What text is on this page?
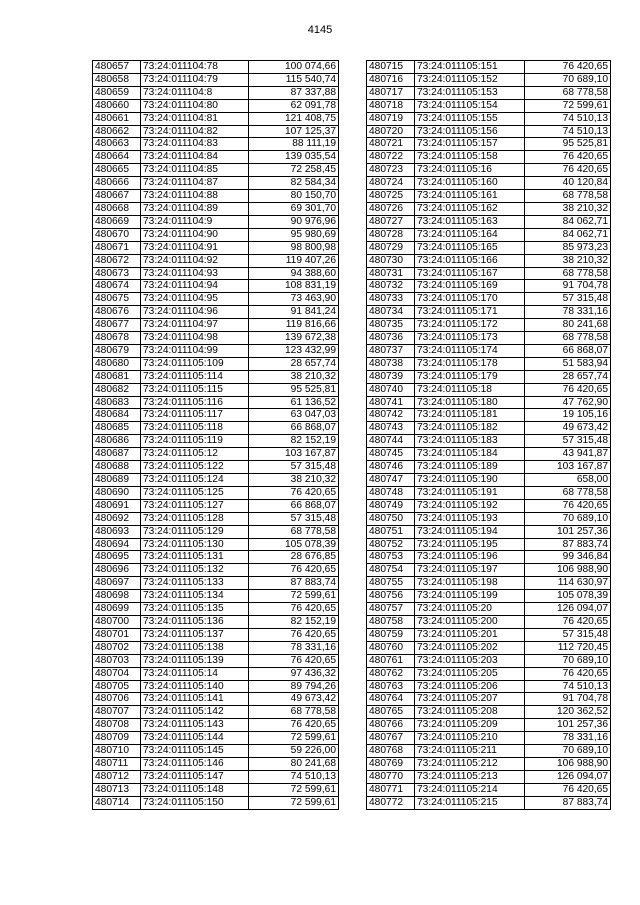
4145
480657	73:24:011104:78	100 074,66
480658	73:24:011104:79	115 540,74
480659	73:24:011104:8	87 337,88
480660	73:24:011104:80	62 091,78
480661	73:24:011104:81	121 408,75
480662	73:24:011104:82	107 125,37
480663	73:24:011104:83	88 111,19
480664	73:24:011104:84	139 035,54
480665	73:24:011104:85	72 258,45
480666	73:24:011104:87	82 584,34
480667	73:24:011104:88	80 150,70
480668	73:24:011104:89	69 301,70
480669	73:24:011104:9	90 976,96
480670	73:24:011104:90	95 980,69
480671	73:24:011104:91	98 800,98
480672	73:24:011104:92	119 407,26
480673	73:24:011104:93	94 388,60
480674	73:24:011104:94	108 831,19
480675	73:24:011104:95	73 463,90
480676	73:24:011104:96	91 841,24
480677	73:24:011104:97	119 816,66
480678	73:24:011104:98	139 672,38
480679	73:24:011104:99	123 432,99
480680	73:24:011105:109	28 657,74
480681	73:24:011105:114	38 210,32
480682	73:24:011105:115	95 525,81
480683	73:24:011105:116	61 136,52
480684	73:24:011105:117	63 047,03
480685	73:24:011105:118	66 868,07
480686	73:24:011105:119	82 152,19
480687	73:24:011105:12	103 167,87
480688	73:24:011105:122	57 315,48
480689	73:24:011105:124	38 210,32
480690	73:24:011105:125	76 420,65
480691	73:24:011105:127	66 868,07
480692	73:24:011105:128	57 315,48
480693	73:24:011105:129	68 778,58
480694	73:24:011105:130	105 078,39
480695	73:24:011105:131	28 676,85
480696	73:24:011105:132	76 420,65
480697	73:24:011105:133	87 883,74
480698	73:24:011105:134	72 599,61
480699	73:24:011105:135	76 420,65
480700	73:24:011105:136	82 152,19
480701	73:24:011105:137	76 420,65
480702	73:24:011105:138	78 331,16
480703	73:24:011105:139	76 420,65
480704	73:24:011105:14	97 436,32
480705	73:24:011105:140	89 794,26
480706	73:24:011105:141	49 673,42
480707	73:24:011105:142	68 778,58
480708	73:24:011105:143	76 420,65
480709	73:24:011105:144	72 599,61
480710	73:24:011105:145	59 226,00
480711	73:24:011105:146	80 241,68
480712	73:24:011105:147	74 510,13
480713	73:24:011105:148	72 599,61
480714	73:24:011105:150	72 599,61
480715	73:24:011105:151	76 420,65
480716	73:24:011105:152	70 689,10
480717	73:24:011105:153	68 778,58
480718	73:24:011105:154	72 599,61
480719	73:24:011105:155	74 510,13
480720	73:24:011105:156	74 510,13
480721	73:24:011105:157	95 525,81
480722	73:24:011105:158	76 420,65
480723	73:24:011105:16	76 420,65
480724	73:24:011105:160	40 120,84
480725	73:24:011105:161	68 778,58
480726	73:24:011105:162	38 210,32
480727	73:24:011105:163	84 062,71
480728	73:24:011105:164	84 062,71
480729	73:24:011105:165	85 973,23
480730	73:24:011105:166	38 210,32
480731	73:24:011105:167	68 778,58
480732	73:24:011105:169	91 704,78
480733	73:24:011105:170	57 315,48
480734	73:24:011105:171	78 331,16
480735	73:24:011105:172	80 241,68
480736	73:24:011105:173	68 778,58
480737	73:24:011105:174	66 868,07
480738	73:24:011105:178	51 583,94
480739	73:24:011105:179	28 657,74
480740	73:24:011105:18	76 420,65
480741	73:24:011105:180	47 762,90
480742	73:24:011105:181	19 105,16
480743	73:24:011105:182	49 673,42
480744	73:24:011105:183	57 315,48
480745	73:24:011105:184	43 941,87
480746	73:24:011105:189	103 167,87
480747	73:24:011105:190	658,00
480748	73:24:011105:191	68 778,58
480749	73:24:011105:192	76 420,65
480750	73:24:011105:193	70 689,10
480751	73:24:011105:194	101 257,36
480752	73:24:011105:195	87 883,74
480753	73:24:011105:196	99 346,84
480754	73:24:011105:197	106 988,90
480755	73:24:011105:198	114 630,97
480756	73:24:011105:199	105 078,39
480757	73:24:011105:20	126 094,07
480758	73:24:011105:200	76 420,65
480759	73:24:011105:201	57 315,48
480760	73:24:011105:202	112 720,45
480761	73:24:011105:203	70 689,10
480762	73:24:011105:205	76 420,65
480763	73:24:011105:206	74 510,13
480764	73:24:011105:207	91 704,78
480765	73:24:011105:208	120 362,52
480766	73:24:011105:209	101 257,36
480767	73:24:011105:210	78 331,16
480768	73:24:011105:211	70 689,10
480769	73:24:011105:212	106 988,90
480770	73:24:011105:213	126 094,07
480771	73:24:011105:214	76 420,65
480772	73:24:011105:215	87 883,74
